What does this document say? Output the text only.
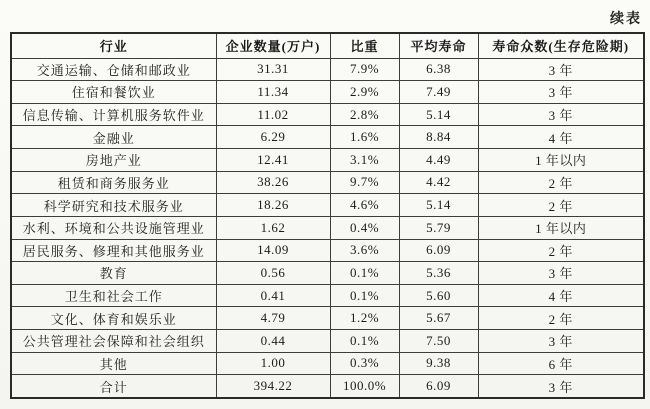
续表
行业	企业数量(万户)	比重	平均寿命	寿命众数(生存危险期)
交通运输、仓储和邮政业	31.31	7.9%	6.38	3 年
住宿和餐饮业	11.34	2.9%	7.49	3 年
信息传输、计算机服务软件业	11.02	2.8%	5.14	3 年
金融业	6.29	1.6%	8.84	4 年
房地产业	12.41	3.1%	4.49	1 年以内
租赁和商务服务业	38.26	9.7%	4.42	2 年
科学研究和技术服务业	18.26	4.6%	5.14	2 年
水利、环境和公共设施管理业	1.62	0.4%	5.79	1 年以内
居民服务、修理和其他服务业	14.09	3.6%	6.09	2 年
教育	0.56	0.1%	5.36	3 年
卫生和社会工作	0.41	0.1%	5.60	4 年
文化、体育和娱乐业	4.79	1.2%	5.67	2 年
公共管理社会保障和社会组织	0.44	0.1%	7.50	3 年
其他	1.00	0.3%	9.38	6 年
合计	394.22	100.0%	6.09	3 年
